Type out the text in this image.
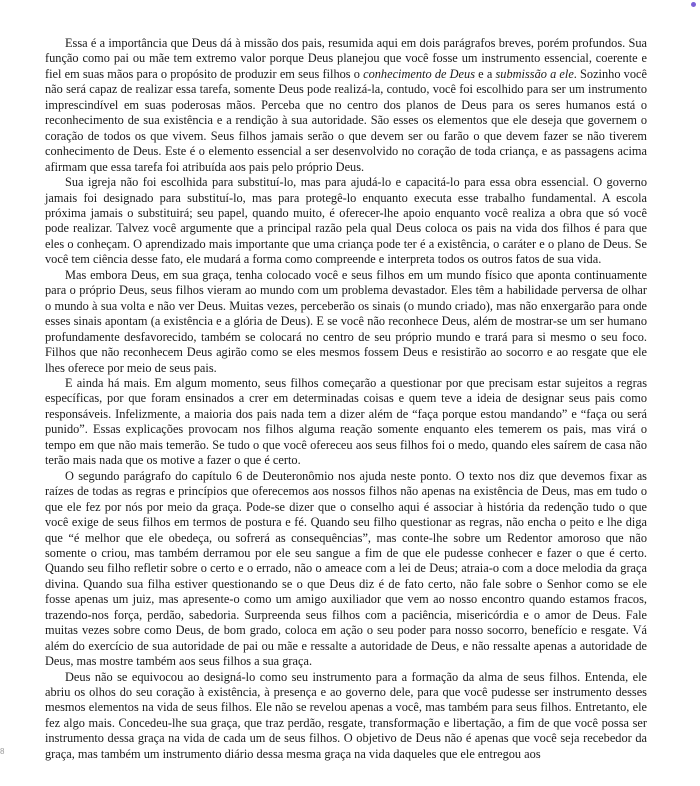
Essa é a importância que Deus dá à missão dos pais, resumida aqui em dois parágrafos breves, porém profundos. Sua função como pai ou mãe tem extremo valor porque Deus planejou que você fosse um instrumento essencial, coerente e fiel em suas mãos para o propósito de produzir em seus filhos o conhecimento de Deus e a submissão a ele. Sozinho você não será capaz de realizar essa tarefa, somente Deus pode realizá-la, contudo, você foi escolhido para ser um instrumento imprescindível em suas poderosas mãos. Perceba que no centro dos planos de Deus para os seres humanos está o reconhecimento de sua existência e a rendição à sua autoridade. São esses os elementos que ele deseja que governem o coração de todos os que vivem. Seus filhos jamais serão o que devem ser ou farão o que devem fazer se não tiverem conhecimento de Deus. Este é o elemento essencial a ser desenvolvido no coração de toda criança, e as passagens acima afirmam que essa tarefa foi atribuída aos pais pelo próprio Deus.

Sua igreja não foi escolhida para substituí-lo, mas para ajudá-lo e capacitá-lo para essa obra essencial. O governo jamais foi designado para substituí-lo, mas para protegê-lo enquanto executa esse trabalho fundamental. A escola próxima jamais o substituirá; seu papel, quando muito, é oferecer-lhe apoio enquanto você realiza a obra que só você pode realizar. Talvez você argumente que a principal razão pela qual Deus coloca os pais na vida dos filhos é para que eles o conheçam. O aprendizado mais importante que uma criança pode ter é a existência, o caráter e o plano de Deus. Se você tem ciência desse fato, ele mudará a forma como compreende e interpreta todos os outros fatos de sua vida.

Mas embora Deus, em sua graça, tenha colocado você e seus filhos em um mundo físico que aponta continuamente para o próprio Deus, seus filhos vieram ao mundo com um problema devastador. Eles têm a habilidade perversa de olhar o mundo à sua volta e não ver Deus. Muitas vezes, perceberão os sinais (o mundo criado), mas não enxergarão para onde esses sinais apontam (a existência e a glória de Deus). E se você não reconhece Deus, além de mostrar-se um ser humano profundamente desfavorecido, também se colocará no centro de seu próprio mundo e trará para si mesmo o seu foco. Filhos que não reconhecem Deus agirão como se eles mesmos fossem Deus e resistirão ao socorro e ao resgate que ele lhes oferece por meio de seus pais.

E ainda há mais. Em algum momento, seus filhos começarão a questionar por que precisam estar sujeitos a regras específicas, por que foram ensinados a crer em determinadas coisas e quem teve a ideia de designar seus pais como responsáveis. Infelizmente, a maioria dos pais nada tem a dizer além de “faça porque estou mandando” e “faça ou será punido”. Essas explicações provocam nos filhos alguma reação somente enquanto eles temerem os pais, mas virá o tempo em que não mais temerão. Se tudo o que você ofereceu aos seus filhos foi o medo, quando eles saírem de casa não terão mais nada que os motive a fazer o que é certo.

O segundo parágrafo do capítulo 6 de Deuteronômio nos ajuda neste ponto. O texto nos diz que devemos fixar as raízes de todas as regras e princípios que oferecemos aos nossos filhos não apenas na existência de Deus, mas em tudo o que ele fez por nós por meio da graça. Pode-se dizer que o conselho aqui é associar à história da redenção tudo o que você exige de seus filhos em termos de postura e fé. Quando seu filho questionar as regras, não encha o peito e lhe diga que “é melhor que ele obedeça, ou sofrerá as consequências”, mas conte-lhe sobre um Redentor amoroso que não somente o criou, mas também derramou por ele seu sangue a fim de que ele pudesse conhecer e fazer o que é certo. Quando seu filho refletir sobre o certo e o errado, não o ameace com a lei de Deus; atraia-o com a doce melodia da graça divina. Quando sua filha estiver questionando se o que Deus diz é de fato certo, não fale sobre o Senhor como se ele fosse apenas um juiz, mas apresente-o como um amigo auxiliador que vem ao nosso encontro quando estamos fracos, trazendo-nos força, perdão, sabedoria. Surpreenda seus filhos com a paciência, misericórdia e o amor de Deus. Fale muitas vezes sobre como Deus, de bom grado, coloca em ação o seu poder para nosso socorro, benefício e resgate. Vá além do exercício de sua autoridade de pai ou mãe e ressalte a autoridade de Deus, e não ressalte apenas a autoridade de Deus, mas mostre também aos seus filhos a sua graça.

Deus não se equivocou ao designá-lo como seu instrumento para a formação da alma de seus filhos. Entenda, ele abriu os olhos do seu coração à existência, à presença e ao governo dele, para que você pudesse ser instrumento desses mesmos elementos na vida de seus filhos. Ele não se revelou apenas a você, mas também para seus filhos. Entretanto, ele fez algo mais. Concedeu-lhe sua graça, que traz perdão, resgate, transformação e libertação, a fim de que você possa ser instrumento dessa graça na vida de cada um de seus filhos. O objetivo de Deus não é apenas que você seja recebedor da graça, mas também um instrumento diário dessa mesma graça na vida daqueles que ele entregou aos

8
